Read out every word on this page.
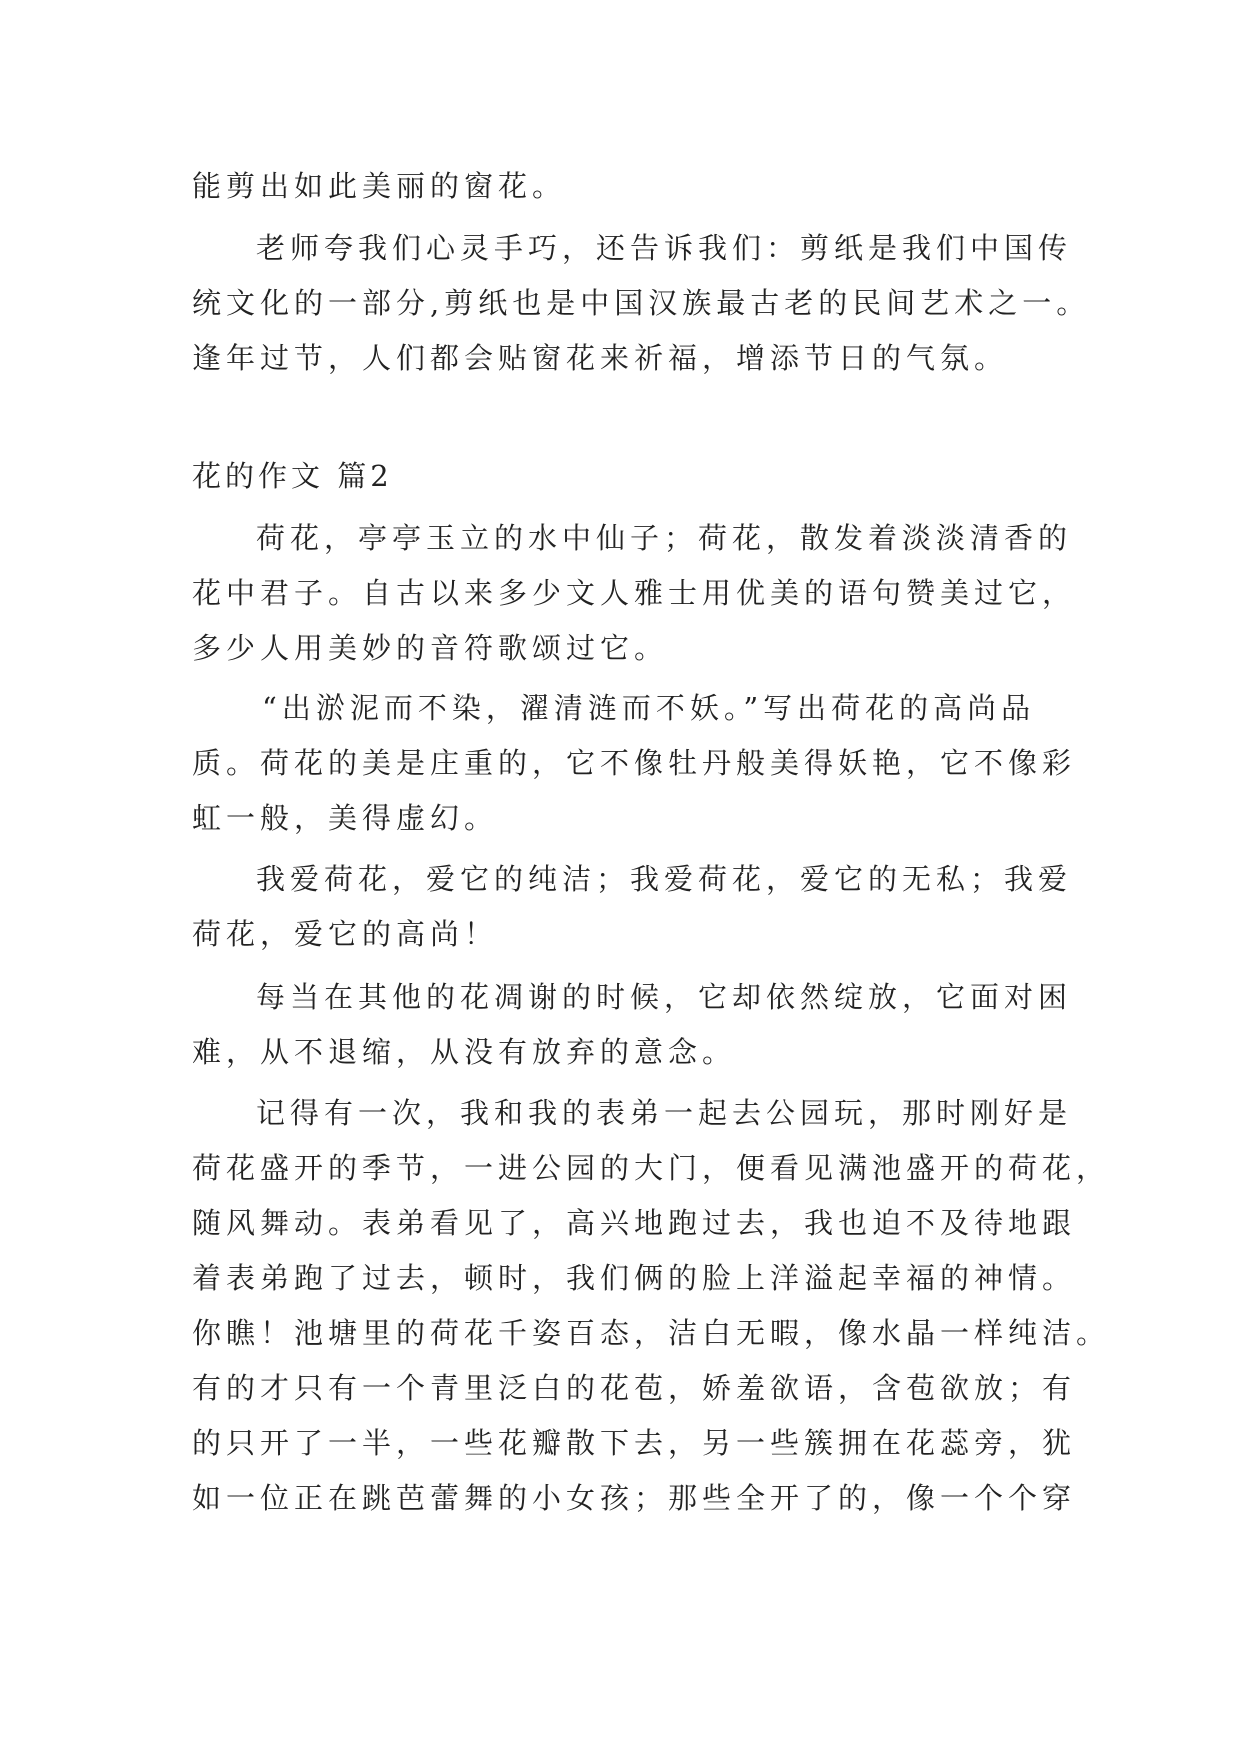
能剪出如此美丽的窗花。
老师夸我们心灵手巧，还告诉我们：剪纸是我们中国传
统文化的一部分,剪纸也是中国汉族最古老的民间艺术之一。
逢年过节，人们都会贴窗花来祈福，增添节日的气氛。
花的作文 篇2
荷花，亭亭玉立的水中仙子；荷花，散发着淡淡清香的
花中君子。自古以来多少文人雅士用优美的语句赞美过它，
多少人用美妙的音符歌颂过它。
“出淤泥而不染，濯清涟而不妖。”写出荷花的高尚品
质。荷花的美是庄重的，它不像牡丹般美得妖艳，它不像彩
虹一般，美得虚幻。
我爱荷花，爱它的纯洁；我爱荷花，爱它的无私；我爱
荷花，爱它的高尚！
每当在其他的花凋谢的时候，它却依然绽放，它面对困
难，从不退缩，从没有放弃的意念。
记得有一次，我和我的表弟一起去公园玩，那时刚好是
荷花盛开的季节，一进公园的大门，便看见满池盛开的荷花，
随风舞动。表弟看见了，高兴地跑过去，我也迫不及待地跟
着表弟跑了过去，顿时，我们俩的脸上洋溢起幸福的神情。
你瞧！池塘里的荷花千姿百态，洁白无暇，像水晶一样纯洁。
有的才只有一个青里泛白的花苞，娇羞欲语，含苞欲放；有
的只开了一半，一些花瓣散下去，另一些簇拥在花蕊旁，犹
如一位正在跳芭蕾舞的小女孩；那些全开了的，像一个个穿
